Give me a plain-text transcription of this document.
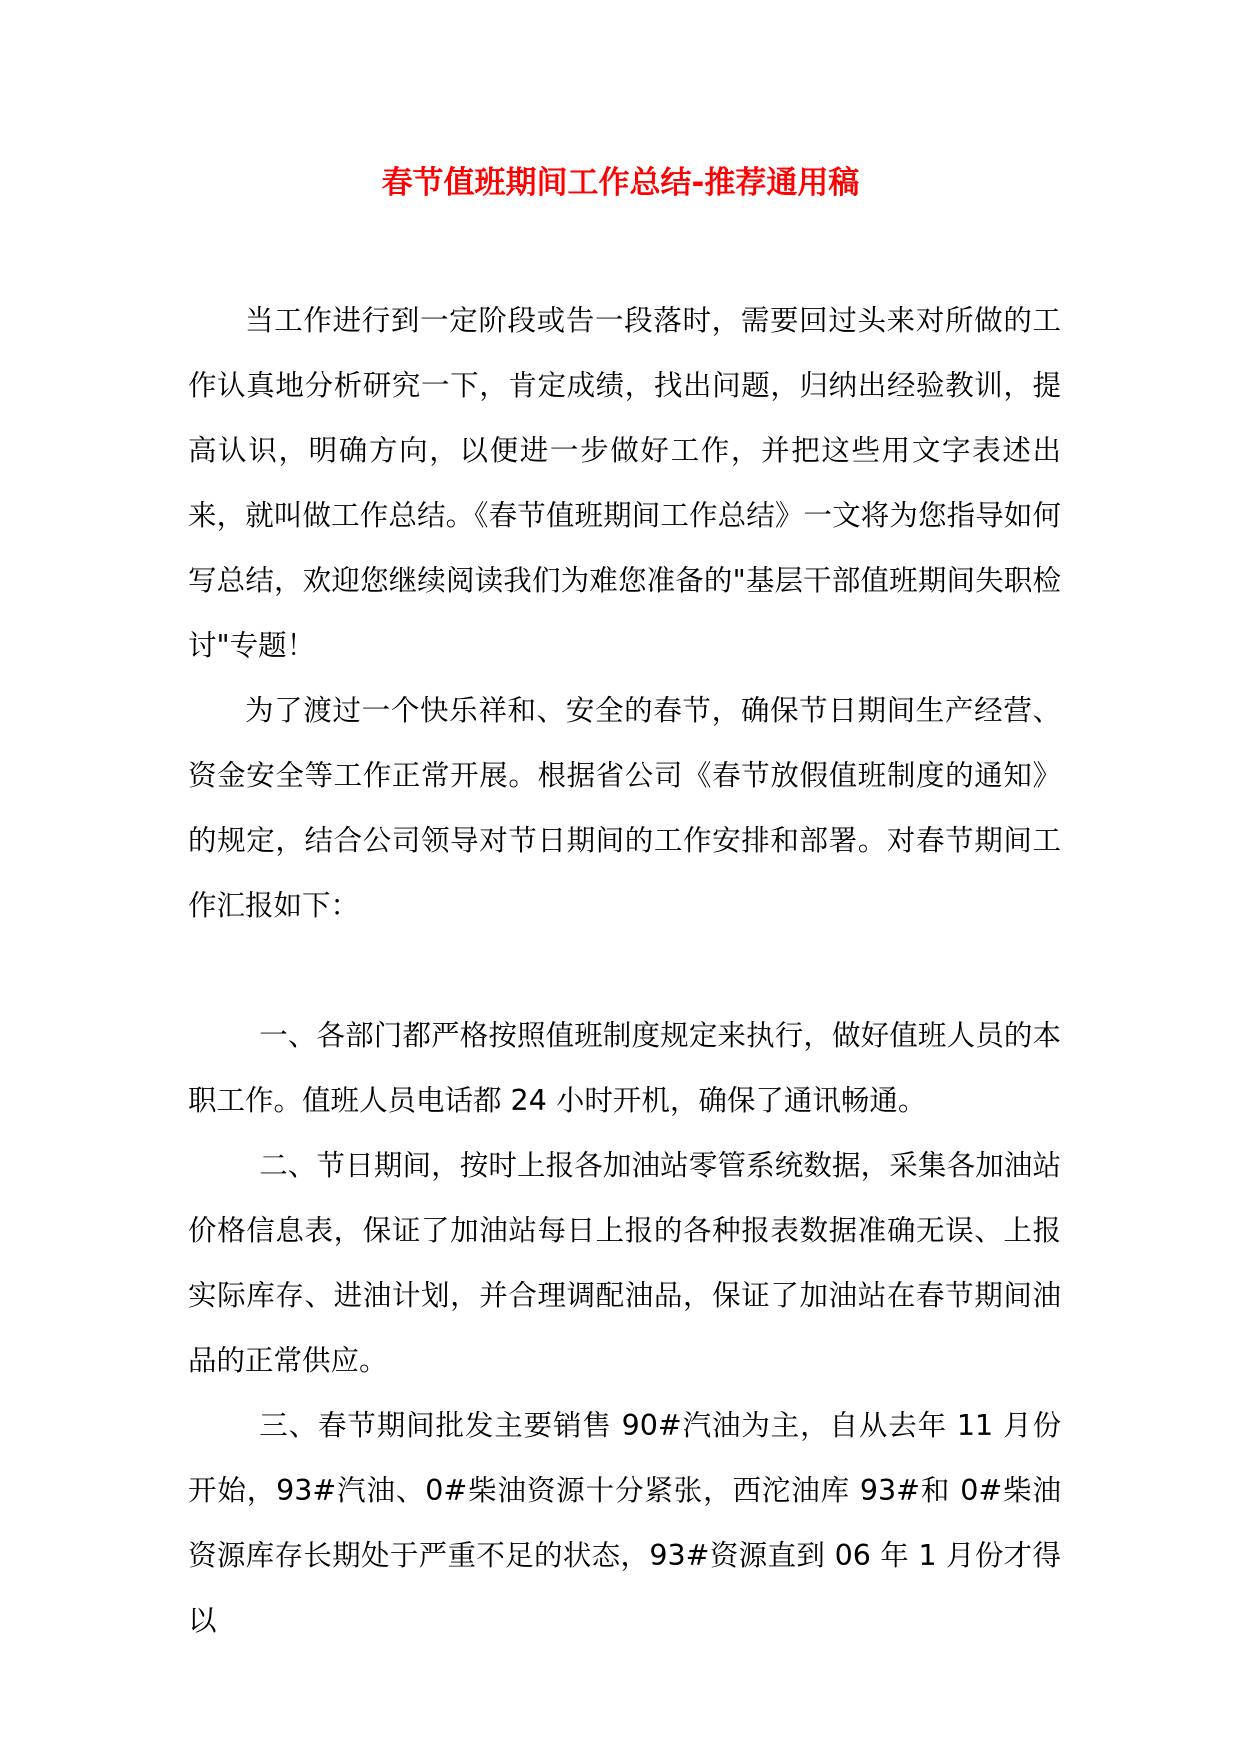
春节值班期间工作总结-推荐通用稿

当工作进行到一定阶段或告一段落时，需要回过头来对所做的工作认真地分析研究一下，肯定成绩，找出问题，归纳出经验教训，提高认识，明确方向，以便进一步做好工作，并把这些用文字表述出来，就叫做工作总结。《春节值班期间工作总结》一文将为您指导如何写总结，欢迎您继续阅读我们为难您准备的"基层干部值班期间失职检讨"专题！

为了渡过一个快乐祥和、安全的春节，确保节日期间生产经营、资金安全等工作正常开展。根据省公司《春节放假值班制度的通知》的规定，结合公司领导对节日期间的工作安排和部署。对春节期间工作汇报如下：

一、各部门都严格按照值班制度规定来执行，做好值班人员的本职工作。值班人员电话都 24 小时开机，确保了通讯畅通。

二、节日期间，按时上报各加油站零管系统数据，采集各加油站价格信息表，保证了加油站每日上报的各种报表数据准确无误、上报实际库存、进油计划，并合理调配油品，保证了加油站在春节期间油品的正常供应。

三、春节期间批发主要销售 90#汽油为主，自从去年 11 月份开始，93#汽油、0#柴油资源十分紧张，西沱油库 93#和 0#柴油资源库存长期处于严重不足的状态，93#资源直到 06 年 1 月份才得以
